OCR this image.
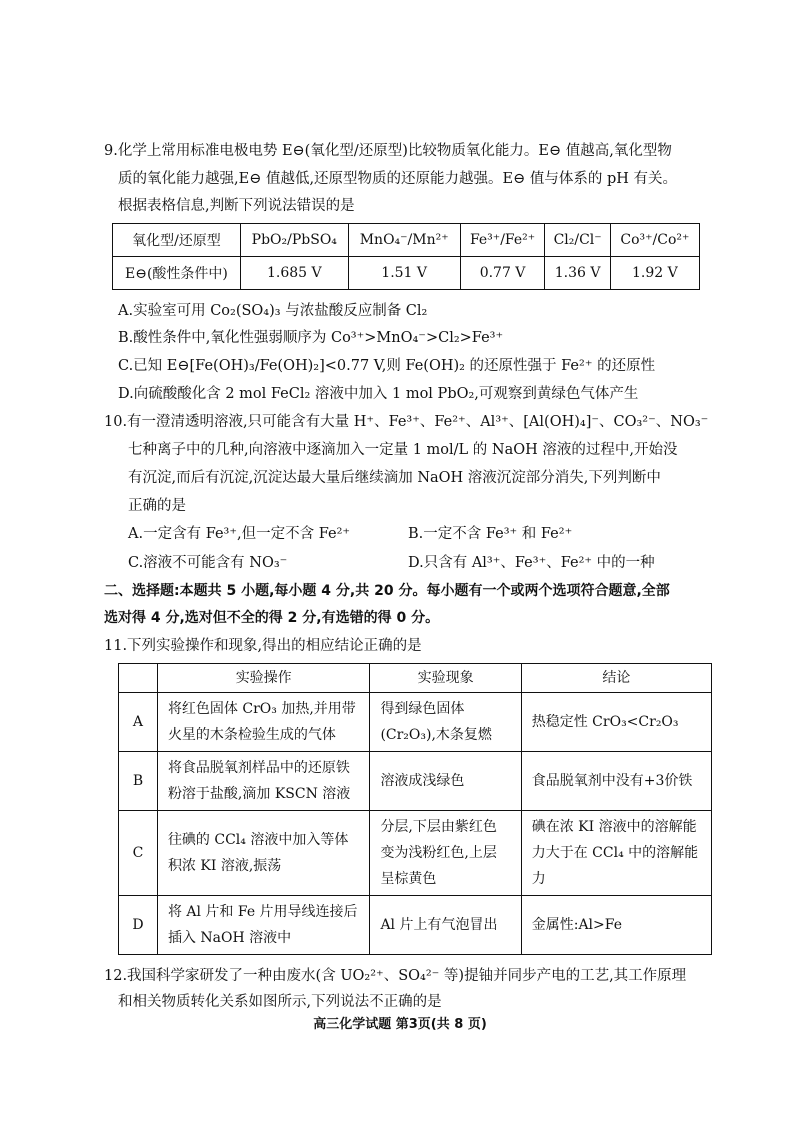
9.化学上常用标准电极电势 E⊖(氧化型/还原型)比较物质氧化能力。E⊖ 值越高,氧化型物
质的氧化能力越强,E⊖ 值越低,还原型物质的还原能力越强。E⊖ 值与体系的 pH 有关。
根据表格信息,判断下列说法错误的是
氧化型/还原型	PbO₂/PbSO₄	MnO₄⁻/Mn²⁺	Fe³⁺/Fe²⁺	Cl₂/Cl⁻	Co³⁺/Co²⁺
E⊖(酸性条件中)	1.685 V	1.51 V	0.77 V	1.36 V	1.92 V
A.实验室可用 Co₂(SO₄)₃ 与浓盐酸反应制备 Cl₂
B.酸性条件中,氧化性强弱顺序为 Co³⁺>MnO₄⁻>Cl₂>Fe³⁺
C.已知 E⊖[Fe(OH)₃/Fe(OH)₂]<0.77 V,则 Fe(OH)₂ 的还原性强于 Fe²⁺ 的还原性
D.向硫酸酸化含 2 mol FeCl₂ 溶液中加入 1 mol PbO₂,可观察到黄绿色气体产生
10.有一澄清透明溶液,只可能含有大量 H⁺、Fe³⁺、Fe²⁺、Al³⁺、[Al(OH)₄]⁻、CO₃²⁻、NO₃⁻
七种离子中的几种,向溶液中逐滴加入一定量 1 mol/L 的 NaOH 溶液的过程中,开始没
有沉淀,而后有沉淀,沉淀达最大量后继续滴加 NaOH 溶液沉淀部分消失,下列判断中
正确的是
A.一定含有 Fe³⁺,但一定不含 Fe²⁺	B.一定不含 Fe³⁺ 和 Fe²⁺
C.溶液不可能含有 NO₃⁻	D.只含有 Al³⁺、Fe³⁺、Fe²⁺ 中的一种
二、选择题:本题共 5 小题,每小题 4 分,共 20 分。每小题有一个或两个选项符合题意,全部
选对得 4 分,选对但不全的得 2 分,有选错的得 0 分。
11.下列实验操作和现象,得出的相应结论正确的是
	实验操作	实验现象	结论
A	将红色固体 CrO₃ 加热,并用带火星的木条检验生成的气体	得到绿色固体(Cr₂O₃),木条复燃	热稳定性 CrO₃<Cr₂O₃
B	将食品脱氧剂样品中的还原铁粉溶于盐酸,滴加 KSCN 溶液	溶液成浅绿色	食品脱氧剂中没有+3价铁
C	往碘的 CCl₄ 溶液中加入等体积浓 KI 溶液,振荡	分层,下层由紫红色变为浅粉红色,上层呈棕黄色	碘在浓 KI 溶液中的溶解能力大于在 CCl₄ 中的溶解能力
D	将 Al 片和 Fe 片用导线连接后插入 NaOH 溶液中	Al 片上有气泡冒出	金属性:Al>Fe
12.我国科学家研发了一种由废水(含 UO₂²⁺、SO₄²⁻ 等)提铀并同步产电的工艺,其工作原理
和相关物质转化关系如图所示,下列说法不正确的是
高三化学试题 第3页(共 8 页)
